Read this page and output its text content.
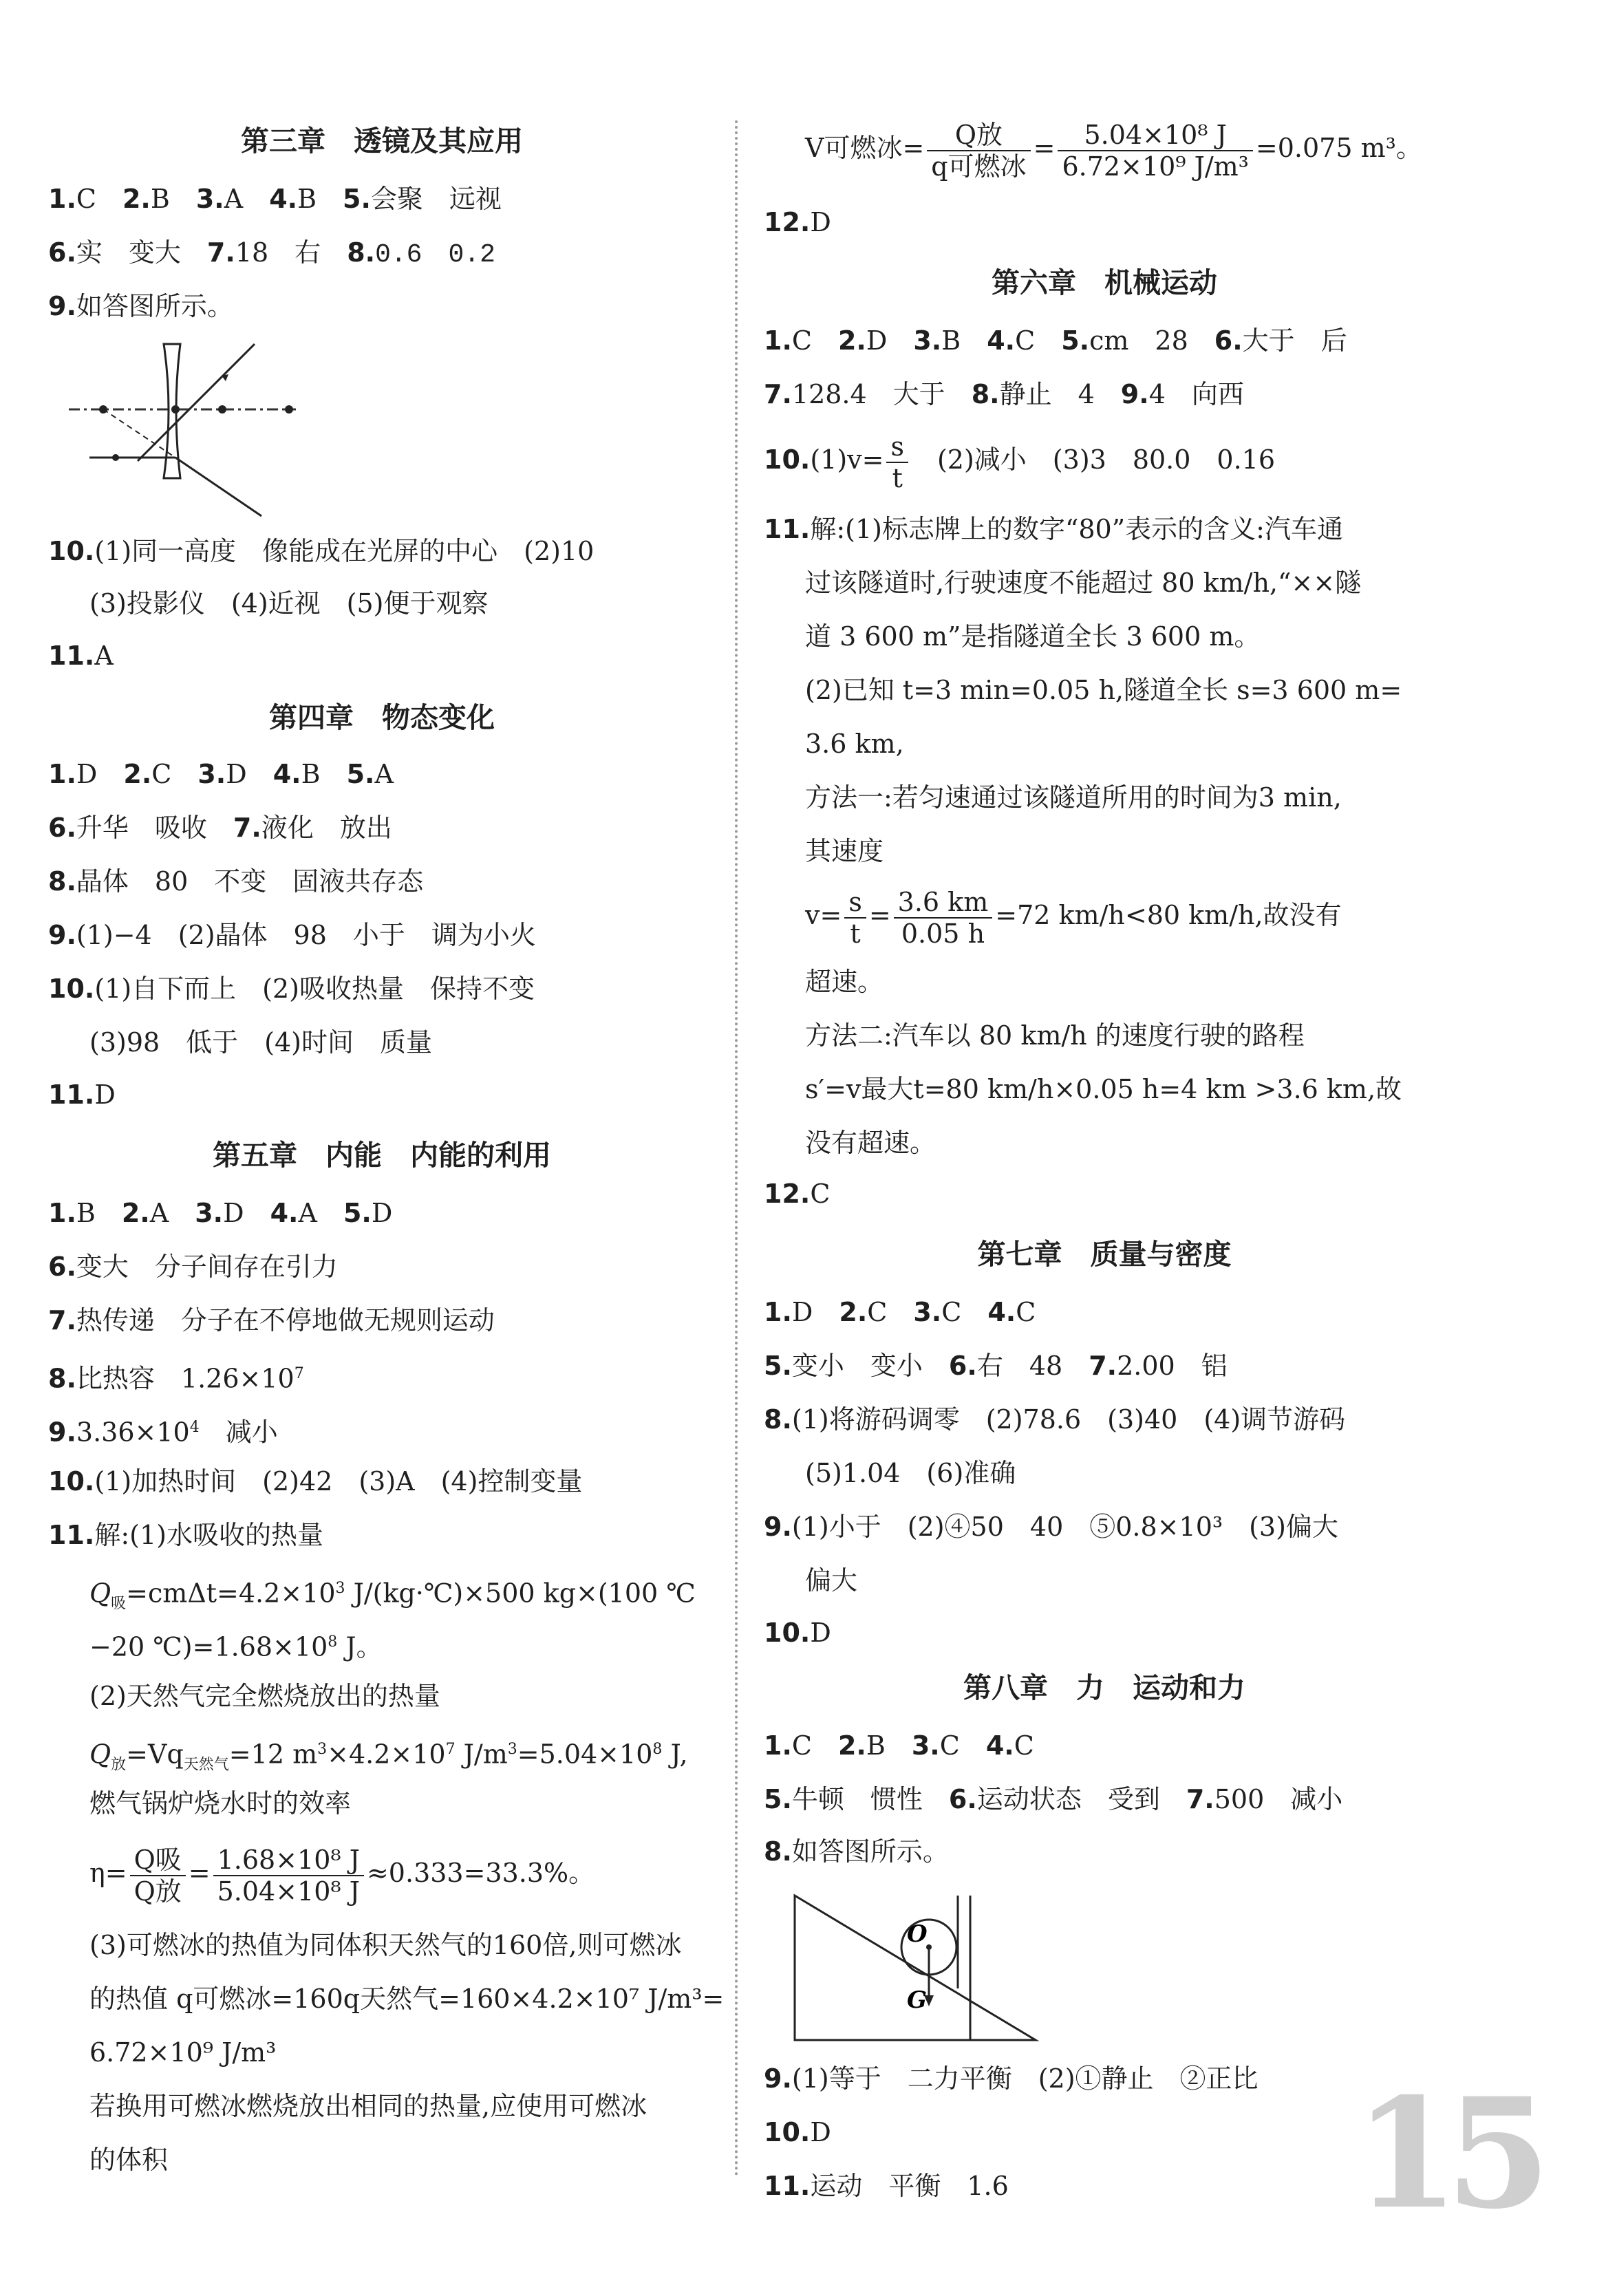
第三章　透镜及其应用
1.C　 2.B　 3.A　 4.B　 5.会聚　远视
6.实　变大　 7.18　右　 8.0.6　0.2
9.如答图所示。
10.(1)同一高度　像能成在光屏的中心　(2)10
(3)投影仪　(4)近视　(5)便于观察
11.A
第四章　物态变化
1.D　 2.C　 3.D　 4.B　 5.A
6.升华　吸收　 7.液化　放出
8.晶体　80　不变　固液共存态
9.(1)−4　(2)晶体　98　小于　调为小火
10.(1)自下而上　(2)吸收热量　保持不变
(3)98　低于　(4)时间　质量
11.D
第五章　内能　内能的利用
1.B　 2.A　 3.D　 4.A　 5.D
6.变大　分子间存在引力
7.热传递　分子在不停地做无规则运动
8.比热容　$1.26\times 10^7$
$9.3.36\times 10^4$　减小
10.(1)加热时间　(2)42　(3)A　(4)控制变量
11.解:(1)水吸收的热量
$Q_吸=cm\Delta t=4.2\times 10^3$ J/(kg·℃)×500 kg×(100 ℃
−20 $℃)=1.68\times 10^8$ J。
(2)天然气完全燃烧放出的热量
$Q_放=Vq_{天然气}=12$ $m^3\times 4.2\times 10^7$ $J/m^3=5.04\times 10^8$ J,
燃气锅炉烧水时的效率
$\eta= \frac{\text{Q吸}}{\text{Q放}} = \frac{\text{1.68×10⁸ J}}{\text{5.04×10⁸ J}} \approx 0.333=33.3\%$。
(3)可燃冰的热值为同体积天然气的160倍,则可燃冰
的热值 q可燃冰=160q天然气=160×4.2×10⁷ J/m³=
6.72×10⁹ J/m³
若换用可燃冰燃烧放出相同的热量,应使用可燃冰
的体积
V可燃冰= $\frac{\text{Q放}}{\text{q可燃冰}} = \frac{\text{5.04×10⁸ J}}{\text{6.72×10⁹ J/m³}} =0.075$ m³。
12.D
第六章　机械运动
1.C　 2.D　 3.B　 4.C　 5.cm　28　 6.大于　后
7.128.4　大于　 8.静止　4　 9.4　向西
$10.(1)v= \frac{s}{t}$ 　(2)减小　(3)3　80.0　0.16
11.解:(1)标志牌上的数字“80”表示的含义:汽车通
过该隧道时,行驶速度不能超过 80 km/h,“××隧
道 3 600 m”是指隧道全长 3 600 m。
(2)已知 t=3 min=0.05 h,隧道全长 s=3 600 m=
3.6 km,
方法一:若匀速通过该隧道所用的时间为3 min,
其速度
$v= \frac{s}{t} = \frac{3.6 km}{0.05 h} =72$ km/h<80 km/h,故没有
超速。
方法二:汽车以 80 km/h 的速度行驶的路程
s′=v最大t=80 km/h×0.05 h=4 km >3.6 km,故
没有超速。
12.C
第七章　质量与密度
1.D　 2.C　 3.C　 4.C
5.变小　变小　 6.右　48　 7.2.00　铝
8.(1)将游码调零　(2)78.6　(3)40　(4)调节游码
(5)1.04　(6)准确
9.(1)小于　(2)④50　40　⑤0.8×10³　(3)偏大
偏大
10.D
第八章　力　运动和力
1.C　 2.B　 3.C　 4.C
5.牛顿　惯性　 6.运动状态　受到　 7.500　减小
8.如答图所示。
O
G
9.(1)等于　二力平衡　(2)①静止　②正比
10.D
11.运动　平衡　1.6 15
